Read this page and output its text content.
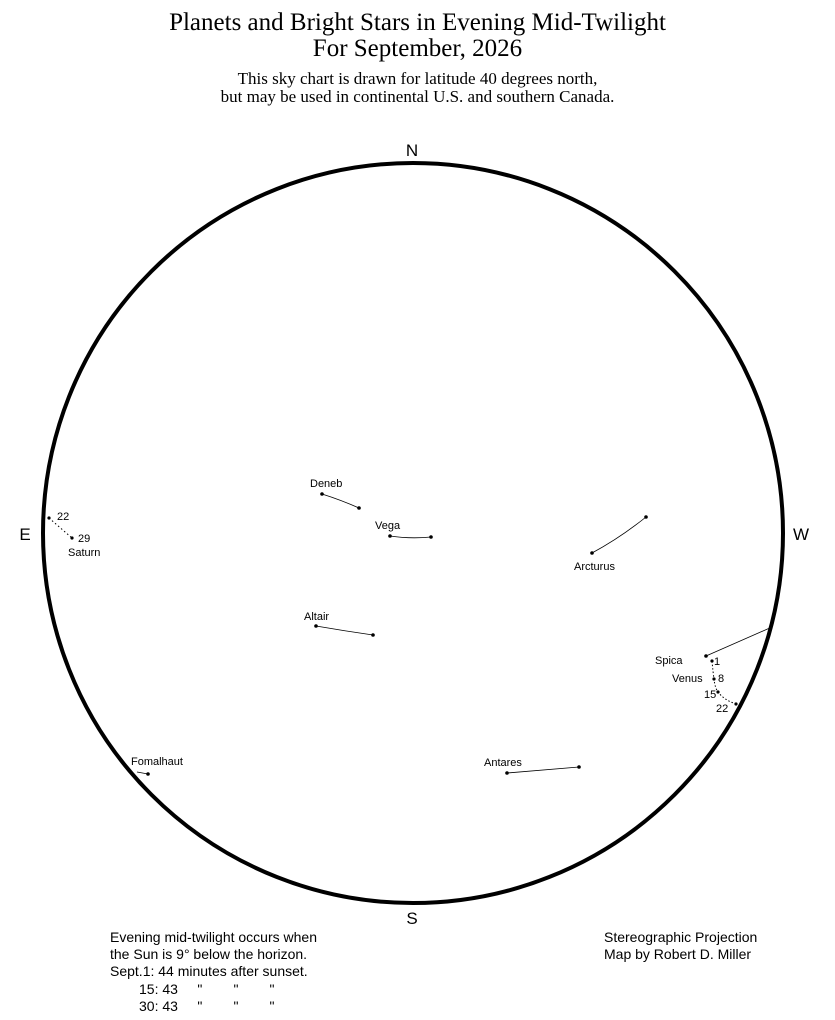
Planets and Bright Stars in Evening Mid-Twilight
For September, 2026
This sky chart is drawn for latitude 40 degrees north,
but may be used in continental U.S. and southern Canada.
N
S
E	W
Deneb
Vega
Arcturus
Altair
Spica
Fomalhaut	Antares
22
29
Saturn
1
8
15
22
Venus
Evening mid-twilight occurs when
the Sun is 9° below the horizon.
Sept.1: 44 minutes after sunset.
15: 43     "        "        "
30: 43     "        "        "
Stereographic Projection
Map by Robert D. Miller
